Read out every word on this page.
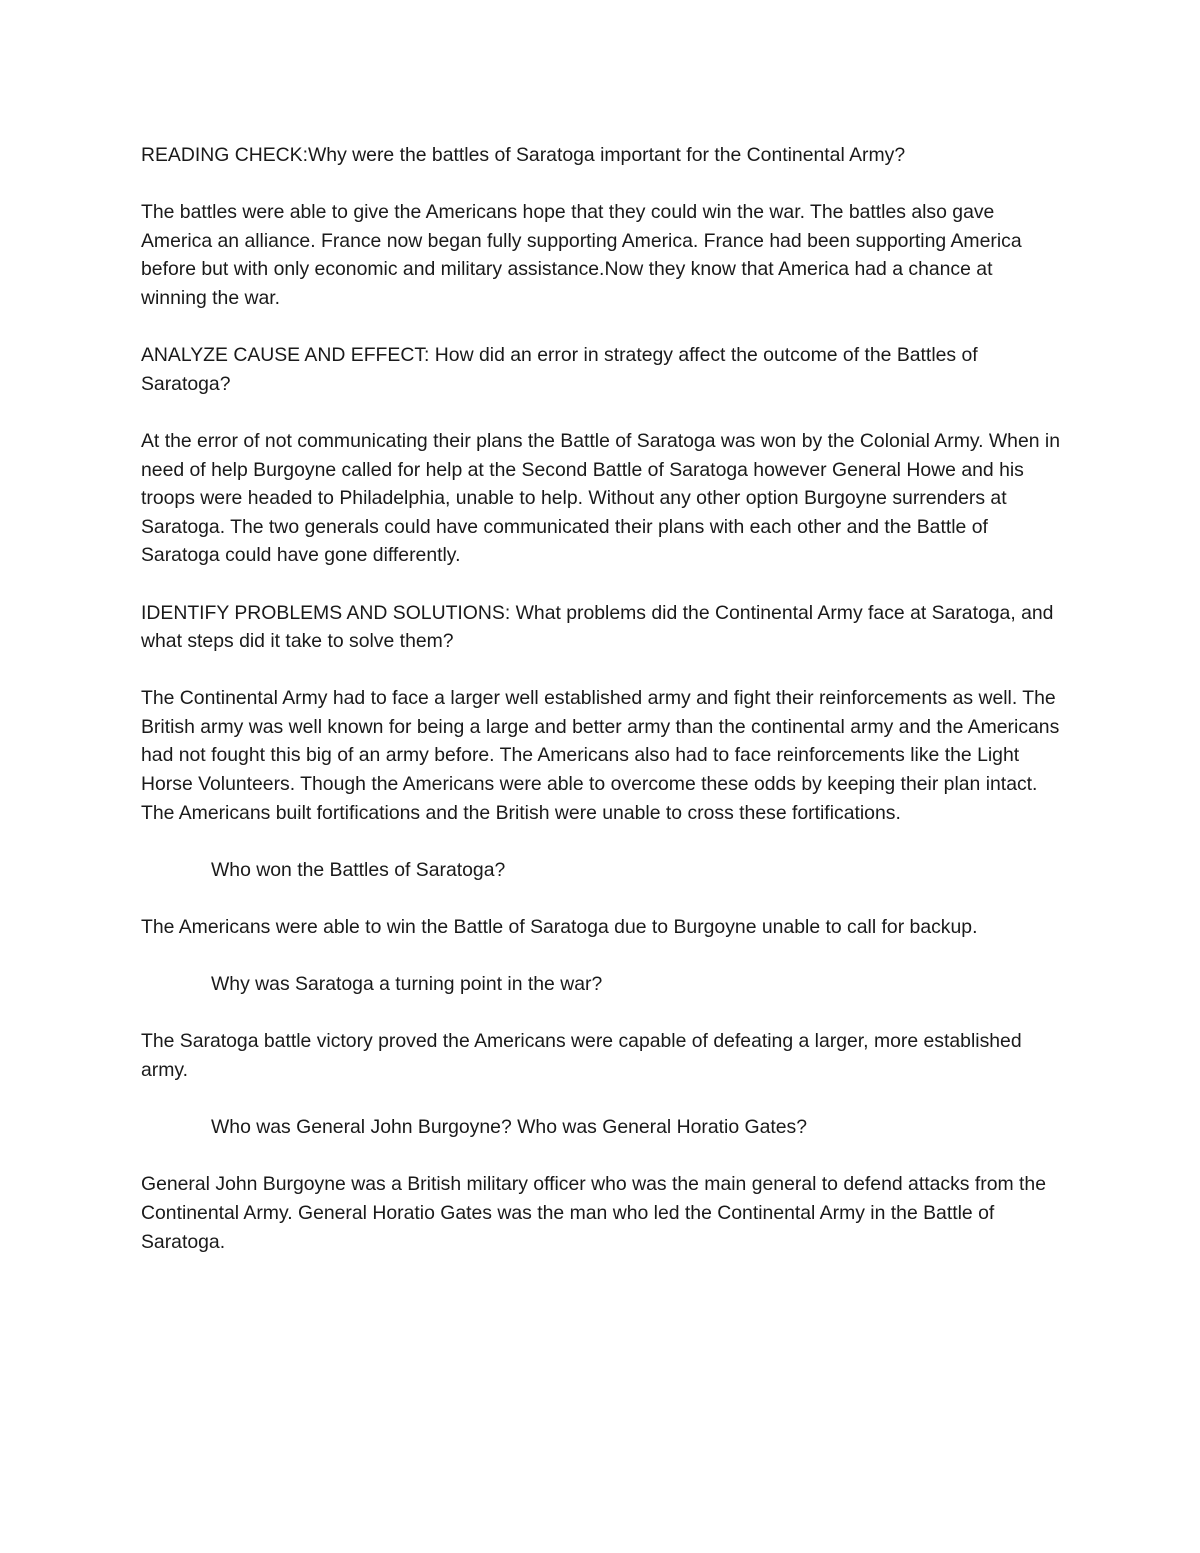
READING CHECK:Why were the battles of Saratoga important for the Continental Army?

The battles were able to give the Americans hope that they could win the war. The battles also gave America an alliance. France now began fully supporting America. France had been supporting America before but with only economic and military assistance.Now they know that America had a chance at winning the war.

ANALYZE CAUSE AND EFFECT: How did an error in strategy affect the outcome of the Battles of Saratoga?

At the error of not communicating their plans the Battle of Saratoga was won by the Colonial Army. When in need of help Burgoyne called for help at the Second Battle of Saratoga however General Howe and his troops were headed to Philadelphia, unable to help. Without any other option Burgoyne surrenders at Saratoga. The two generals could have communicated their plans with each other and the Battle of Saratoga could have gone differently.

IDENTIFY PROBLEMS AND SOLUTIONS: What problems did the Continental Army face at Saratoga, and what steps did it take to solve them?

The Continental Army had to face a larger well established army and fight their reinforcements as well. The British army was well known for being a large and better army than the continental army and the Americans had not fought this big of an army before. The Americans also had to face reinforcements like the Light Horse Volunteers. Though the Americans were able to overcome these odds by keeping their plan intact. The Americans built fortifications and the British were unable to cross these fortifications.

Who won the Battles of Saratoga?

The Americans were able to win the Battle of Saratoga due to Burgoyne unable to call for backup.

Why was Saratoga a turning point in the war?

The Saratoga battle victory proved the Americans were capable of defeating a larger, more established army.

Who was General John Burgoyne? Who was General Horatio Gates?

General John Burgoyne was a British military officer who was the main general to defend attacks from the Continental Army. General Horatio Gates was the man who led the Continental Army in the Battle of Saratoga.
